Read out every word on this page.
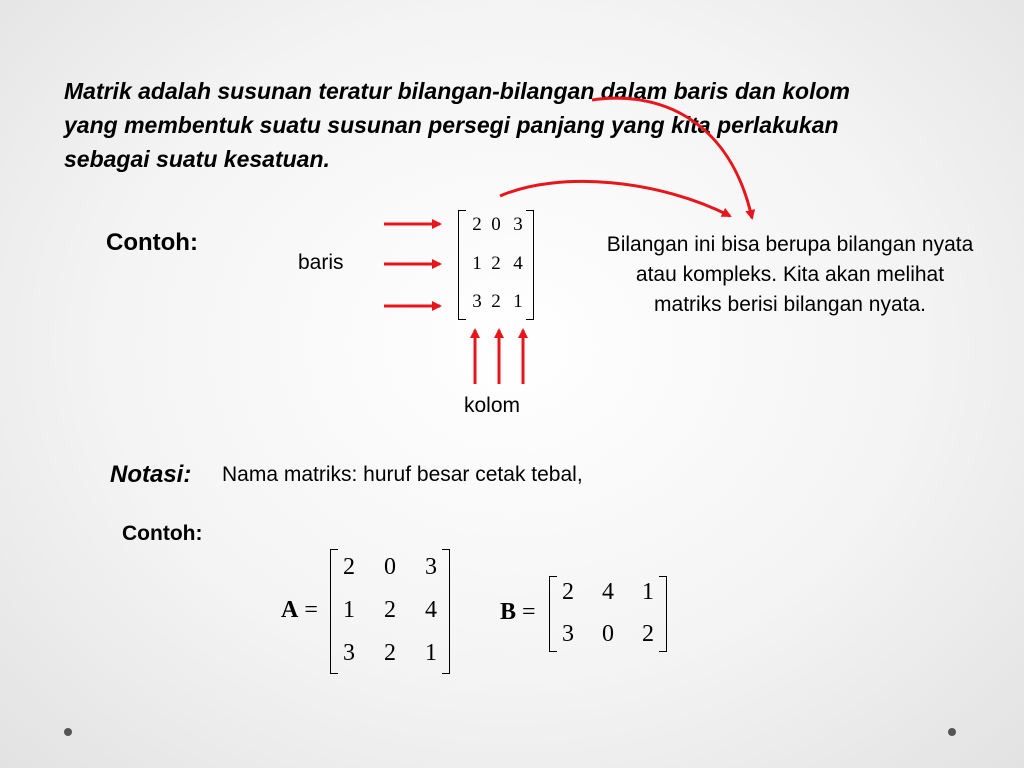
Matrik adalah susunan teratur bilangan-bilangan dalam baris dan kolom yang membentuk suatu susunan persegi panjang yang kita perlakukan sebagai suatu kesatuan.
Contoh:
baris
kolom
Bilangan ini bisa berupa bilangan nyata atau kompleks. Kita akan melihat matriks berisi bilangan nyata.
2 0 3
1 2 4
3 2 1
Notasi: Nama matriks: huruf besar cetak tebal,
Contoh:
A =
2 0 3
1 2 4
3 2 1
B =
2 4 1
3 0 2
